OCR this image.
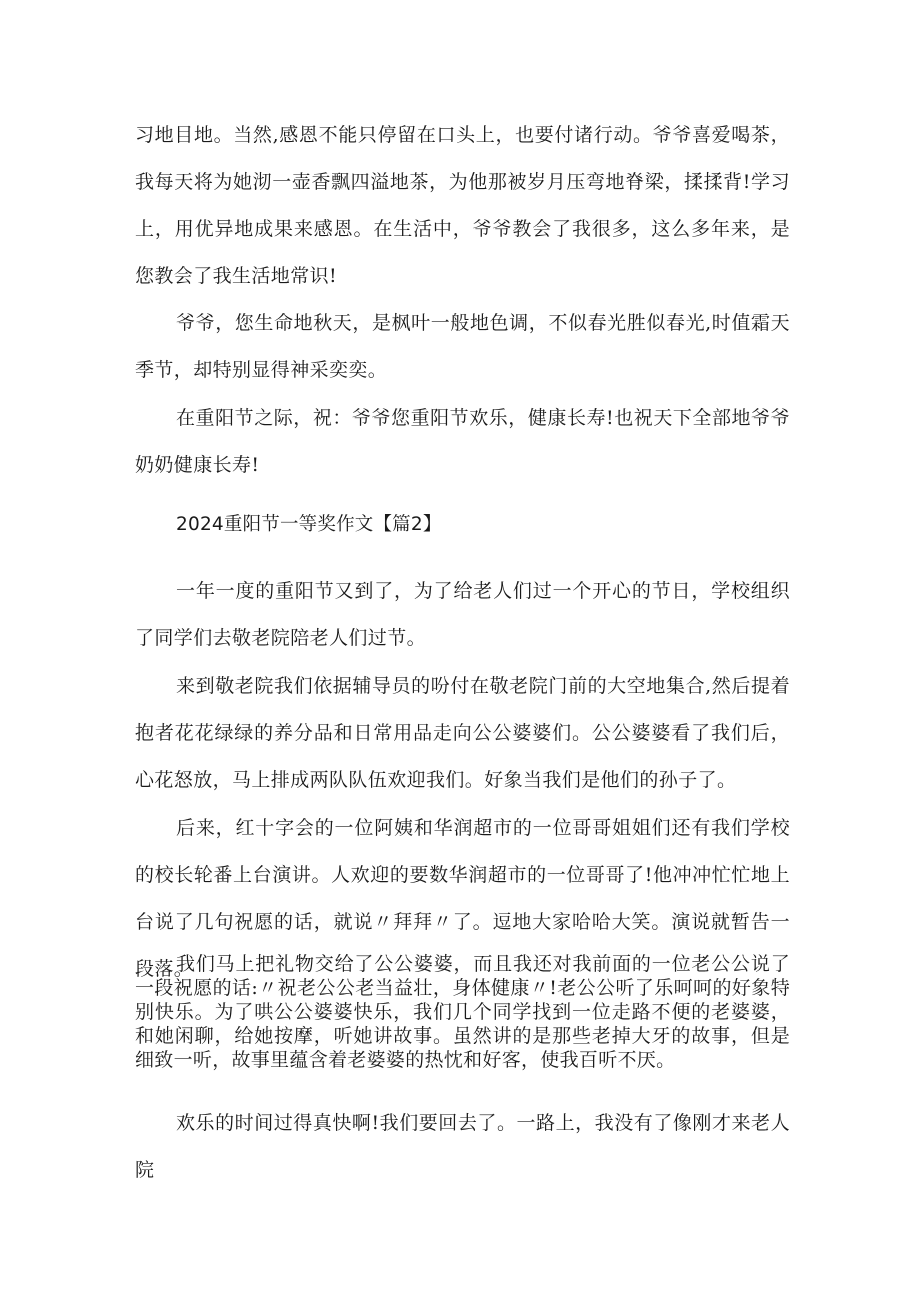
习地目地。当然,感恩不能只停留在口头上，也要付诸行动。爷爷喜爱喝茶，我每天将为她沏一壶香飘四溢地茶，为他那被岁月压弯地脊梁，揉揉背!学习上，用优异地成果来感恩。在生活中，爷爷教会了我很多，这么多年来，是您教会了我生活地常识!

爷爷，您生命地秋天，是枫叶一般地色调，不似春光胜似春光,时值霜天季节，却特别显得神采奕奕。

在重阳节之际，祝：爷爷您重阳节欢乐，健康长寿!也祝天下全部地爷爷奶奶健康长寿!

2024重阳节一等奖作文【篇2】

一年一度的重阳节又到了，为了给老人们过一个开心的节日，学校组织了同学们去敬老院陪老人们过节。

来到敬老院我们依据辅导员的吩付在敬老院门前的大空地集合,然后提着抱者花花绿绿的养分品和日常用品走向公公婆婆们。公公婆婆看了我们后，心花怒放，马上排成两队队伍欢迎我们。好象当我们是他们的孙子了。

后来，红十字会的一位阿姨和华润超市的一位哥哥姐姐们还有我们学校的校长轮番上台演讲。人欢迎的要数华润超市的一位哥哥了!他冲冲忙忙地上台说了几句祝愿的话，就说〃拜拜〃了。逗地大家哈哈大笑。演说就暂告一段落。

我们马上把礼物交给了公公婆婆，而且我还对我前面的一位老公公说了一段祝愿的话:〃祝老公公老当益壮，身体健康〃!老公公听了乐呵呵的好象特别快乐。为了哄公公婆婆快乐，我们几个同学找到一位走路不便的老婆婆，和她闲聊，给她按摩，听她讲故事。虽然讲的是那些老掉大牙的故事，但是细致一听，故事里蕴含着老婆婆的热忱和好客，使我百听不厌。

欢乐的时间过得真快啊!我们要回去了。一路上，我没有了像刚才来老人院
